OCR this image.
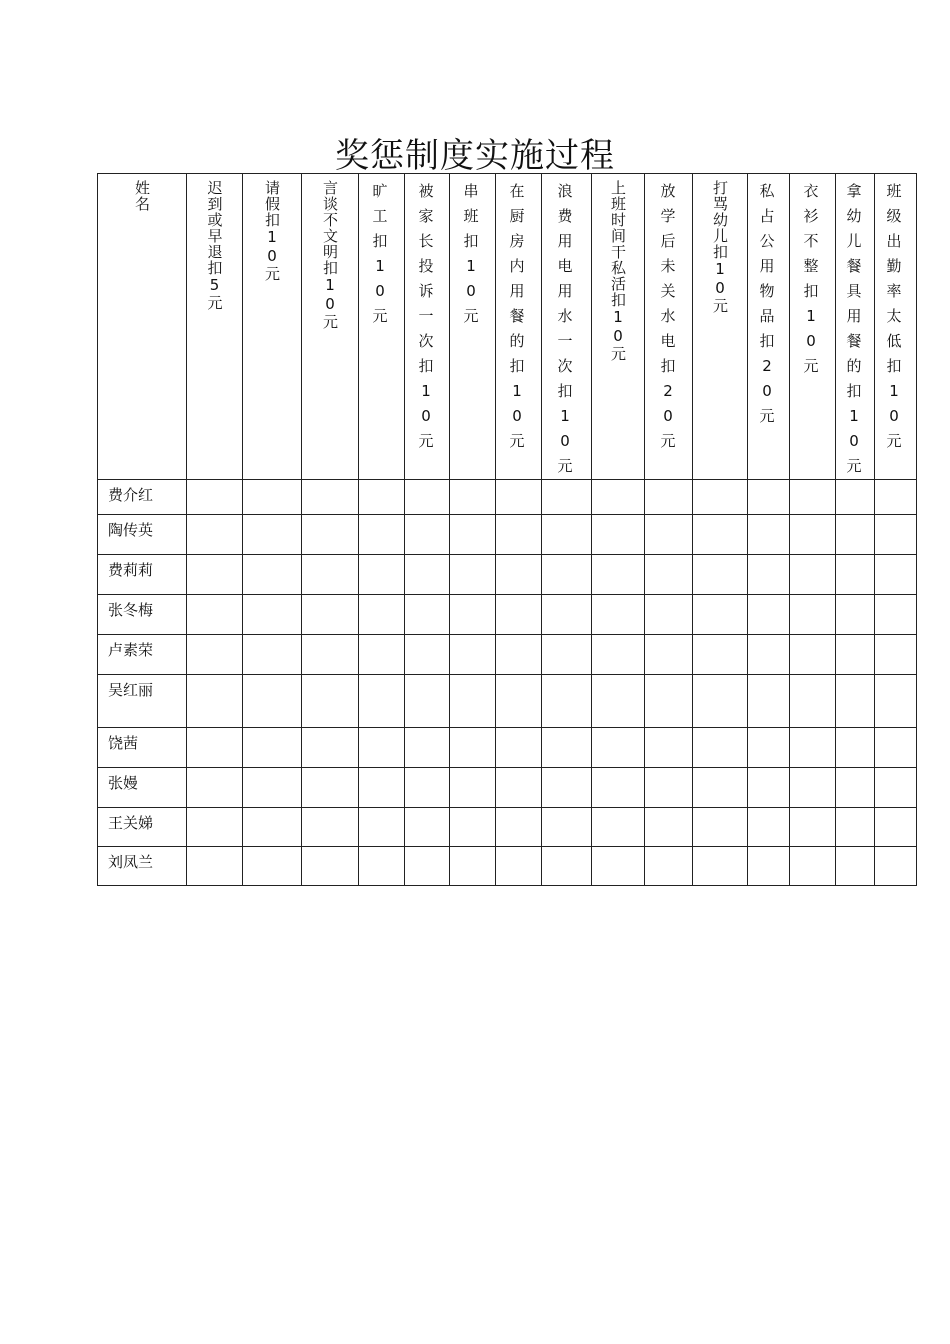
奖惩制度实施过程
姓名	迟到或早退扣5元	请假扣10元	言谈不文明扣10元	旷工扣10元	被家长投诉一次扣10元	串班扣10元	在厨房内用餐的扣10元	浪费用电用水一次扣10元	上班时间干私活扣10元	放学后未关水电扣20元	打骂幼儿扣10元	私占公用物品扣20元	衣衫不整扣10元	拿幼儿餐具用餐的扣10元	班级出勤率太低扣10元

费介红															
陶传英															
费莉莉															
张冬梅															
卢素荣															
吴红丽															
饶茜															
张嫚															
王关娣															
刘凤兰															
